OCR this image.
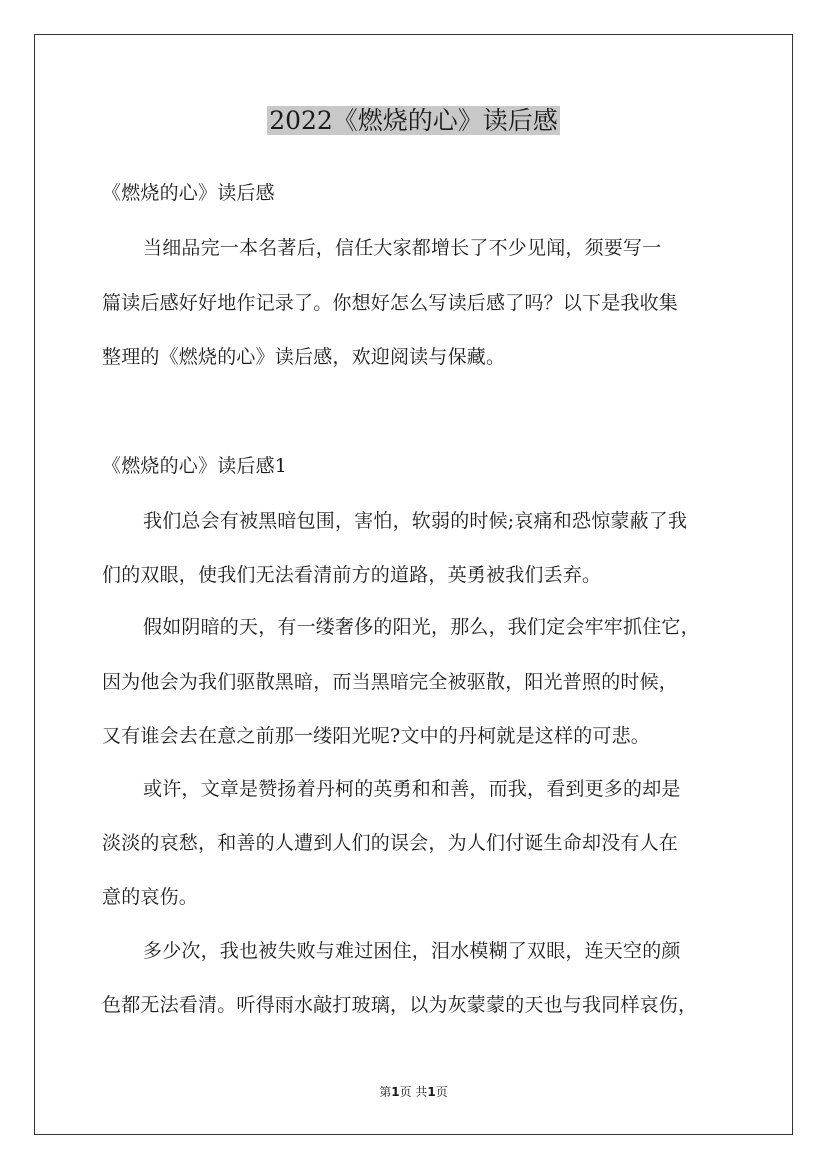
2022《燃烧的心》读后感
《燃烧的心》读后感
当细品完一本名著后，信任大家都增长了不少见闻，须要写一
篇读后感好好地作记录了。你想好怎么写读后感了吗？以下是我收集
整理的《燃烧的心》读后感，欢迎阅读与保藏。
《燃烧的心》读后感1
我们总会有被黑暗包围，害怕，软弱的时候;哀痛和恐惊蒙蔽了我
们的双眼，使我们无法看清前方的道路，英勇被我们丢弃。
假如阴暗的天，有一缕奢侈的阳光，那么，我们定会牢牢抓住它，
因为他会为我们驱散黑暗，而当黑暗完全被驱散，阳光普照的时候，
又有谁会去在意之前那一缕阳光呢?文中的丹柯就是这样的可悲。
或许，文章是赞扬着丹柯的英勇和和善，而我，看到更多的却是
淡淡的哀愁，和善的人遭到人们的误会，为人们付诞生命却没有人在
意的哀伤。
多少次，我也被失败与难过困住，泪水模糊了双眼，连天空的颜
色都无法看清。听得雨水敲打玻璃，以为灰蒙蒙的天也与我同样哀伤，
第1页 共1页
